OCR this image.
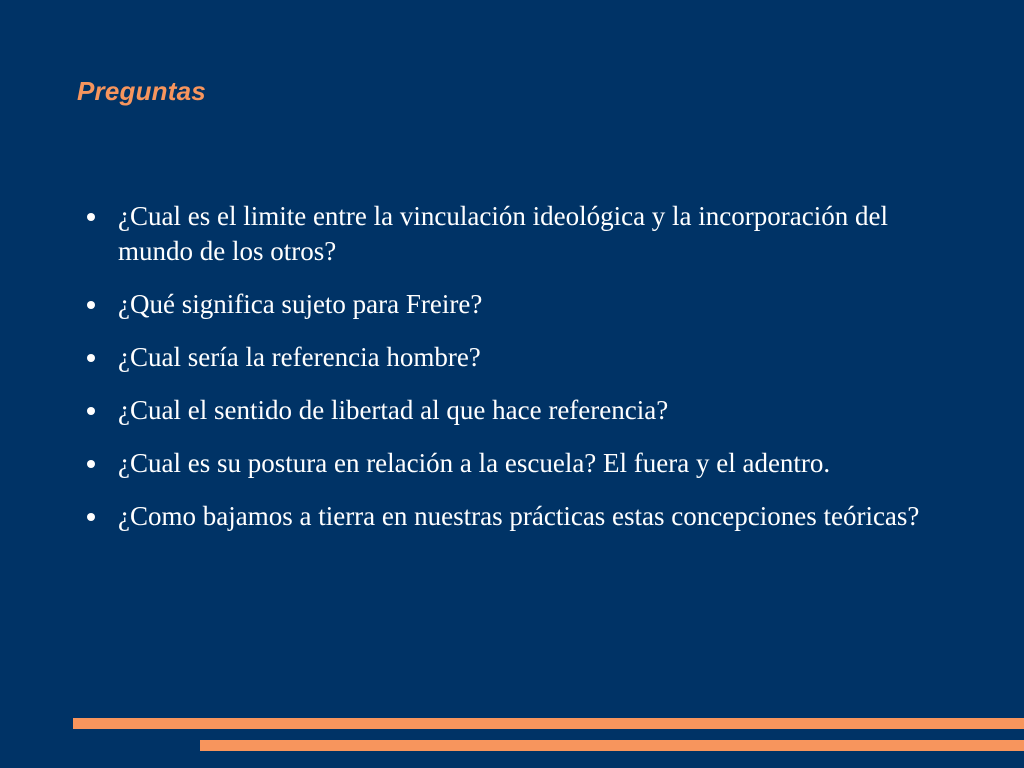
Preguntas
¿Cual es el limite entre la vinculación ideológica y la incorporación del mundo de los otros?
¿Qué significa sujeto para Freire?
¿Cual sería la referencia hombre?
¿Cual el sentido de libertad al que hace referencia?
¿Cual es su postura en relación a la escuela? El fuera y el adentro.
¿Como bajamos a tierra en nuestras prácticas estas concepciones teóricas?
